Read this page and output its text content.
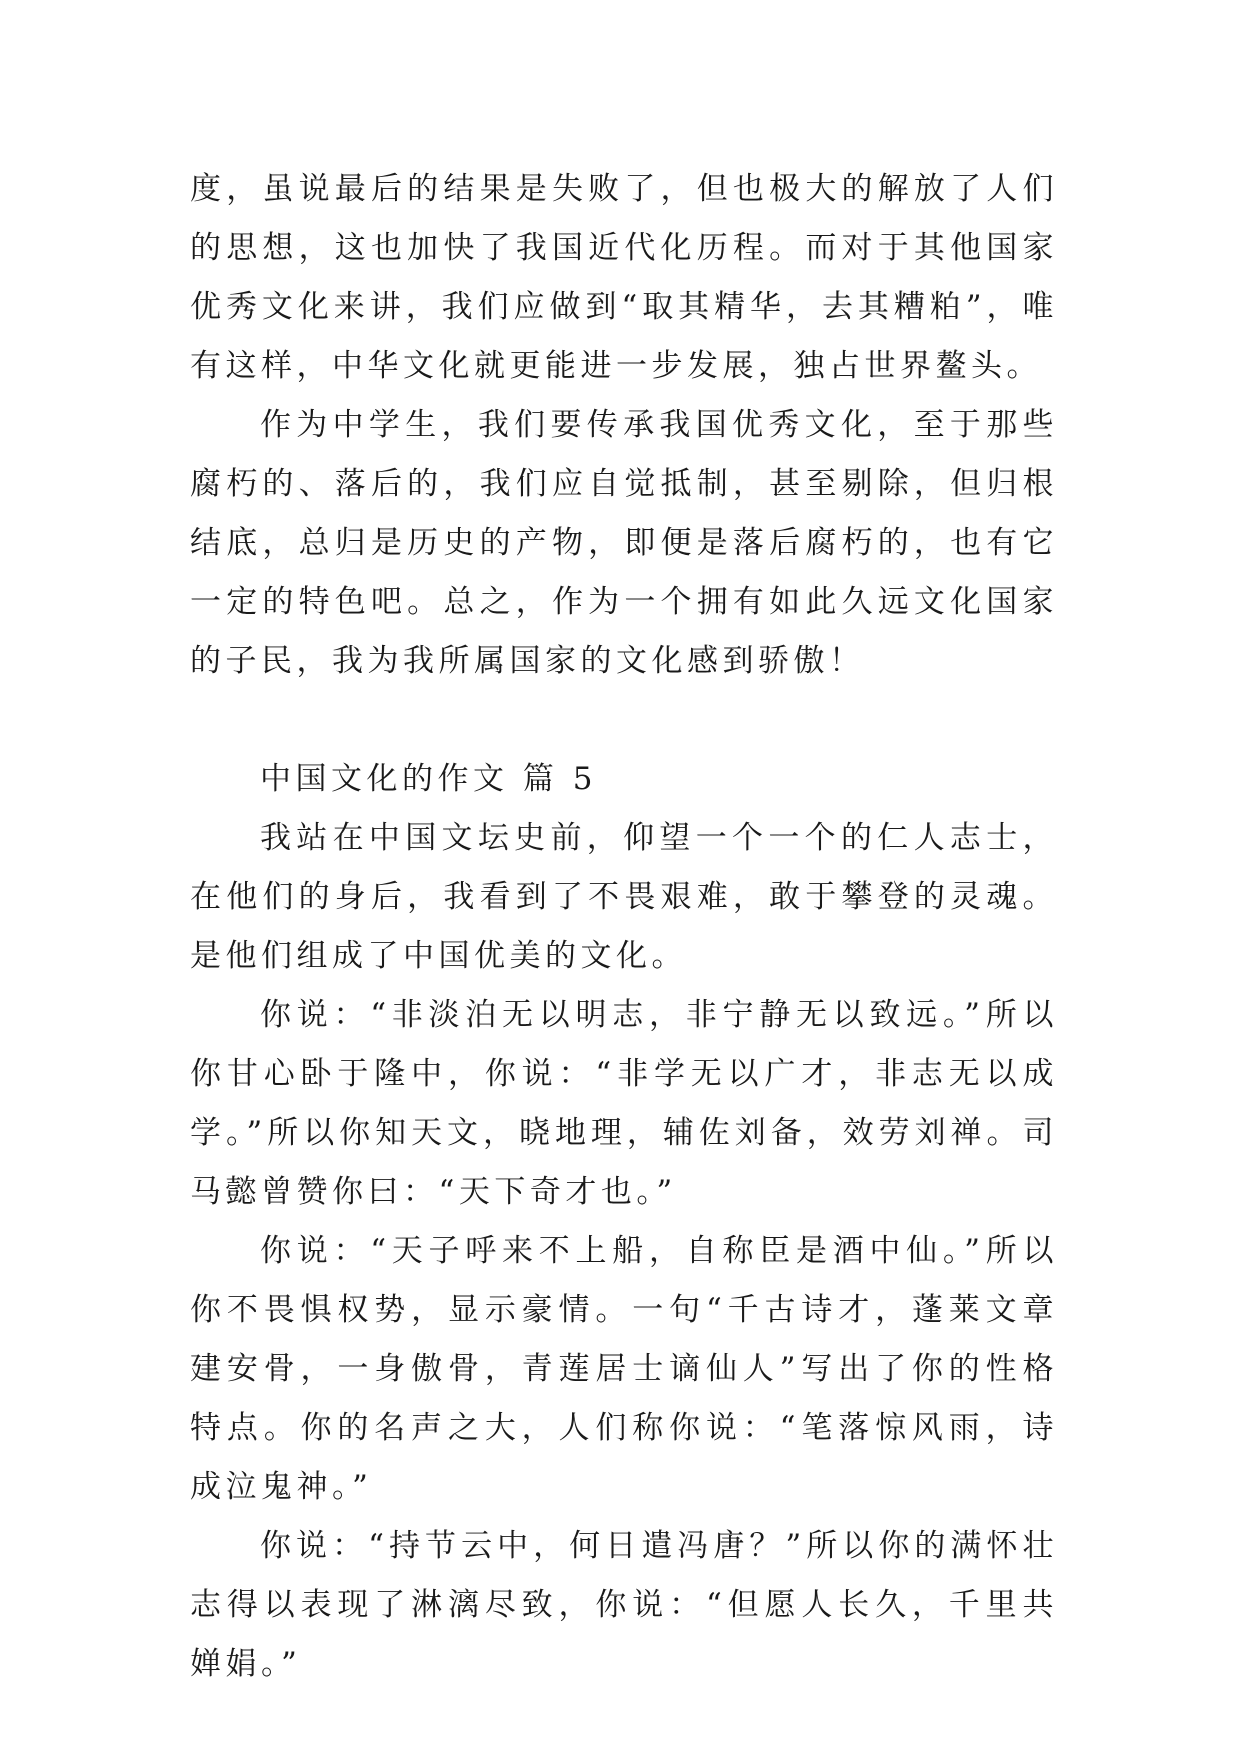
度，虽说最后的结果是失败了，但也极大的解放了人们的思想，这也加快了我国近代化历程。而对于其他国家优秀文化来讲，我们应做到“取其精华，去其糟粕”，唯有这样，中华文化就更能进一步发展，独占世界鳌头。

作为中学生，我们要传承我国优秀文化，至于那些腐朽的、落后的，我们应自觉抵制，甚至剔除，但归根结底，总归是历史的产物，即便是落后腐朽的，也有它一定的特色吧。总之，作为一个拥有如此久远文化国家的子民，我为我所属国家的文化感到骄傲！

中国文化的作文 篇 5

我站在中国文坛史前，仰望一个一个的仁人志士，在他们的身后，我看到了不畏艰难，敢于攀登的灵魂。是他们组成了中国优美的文化。

你说：“非淡泊无以明志，非宁静无以致远。”所以你甘心卧于隆中，你说：“非学无以广才，非志无以成学。”所以你知天文，晓地理，辅佐刘备，效劳刘禅。司马懿曾赞你曰：“天下奇才也。”

你说：“天子呼来不上船，自称臣是酒中仙。”所以你不畏惧权势，显示豪情。一句“千古诗才，蓬莱文章建安骨，一身傲骨，青莲居士谪仙人”写出了你的性格特点。你的名声之大，人们称你说：“笔落惊风雨，诗成泣鬼神。”

你说：“持节云中，何日遣冯唐？”所以你的满怀壮志得以表现了淋漓尽致，你说：“但愿人长久，千里共婵娟。”
